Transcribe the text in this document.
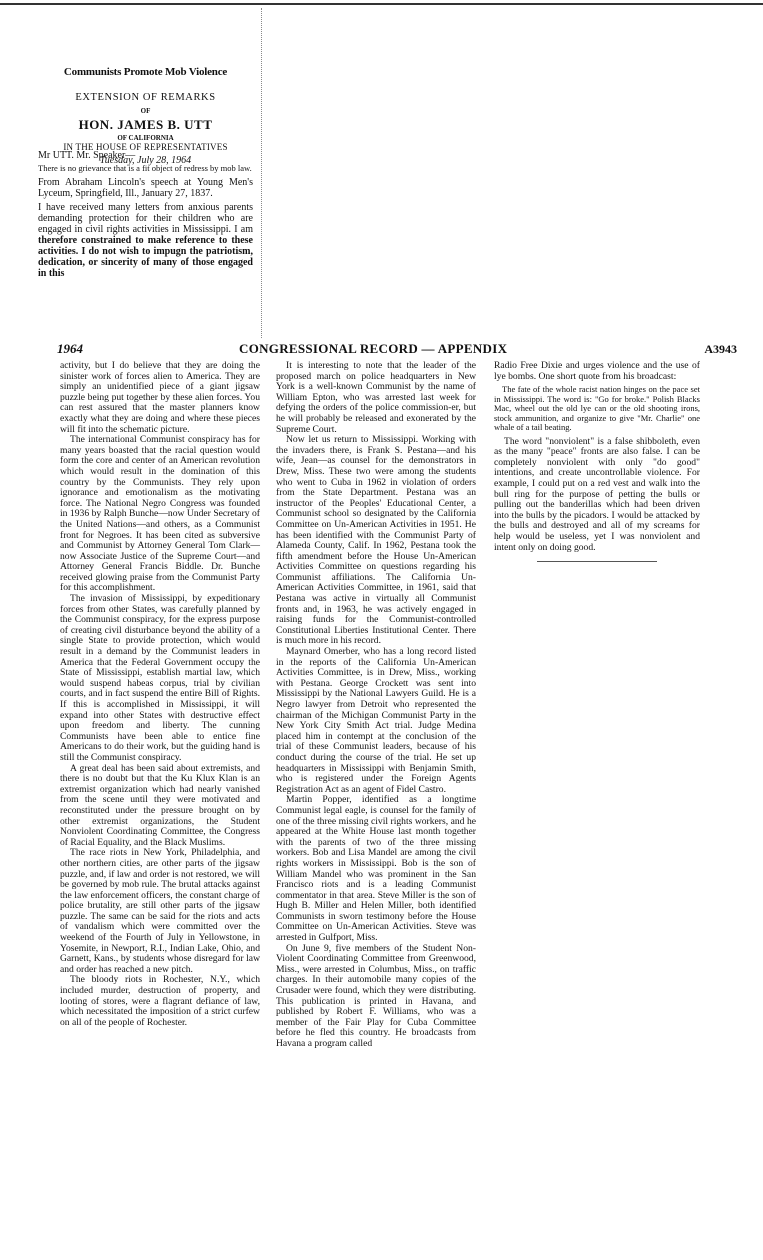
Communists Promote Mob Violence
EXTENSION OF REMARKS
OF
HON. JAMES B. UTT
OF CALIFORNIA
IN THE HOUSE OF REPRESENTATIVES
Tuesday, July 28, 1964

Mr UTT. Mr. Speaker—

There is no grievance that is a fit object of redress by mob law.

From Abraham Lincoln's speech at Young Men's Lyceum, Springfield, Ill., January 27, 1837.

I have received many letters from anxious parents demanding protection for their children who are engaged in civil rights activities in Mississippi. I am therefore constrained to make reference to these activities. I do not wish to impugn the patriotism, dedication, or sincerity of many of those engaged in this

1964	CONGRESSIONAL RECORD — APPENDIX	A3943

activity, but I do believe that they are doing the sinister work of forces alien to America. They are simply an unidentified piece of a giant jigsaw puzzle being put together by these alien forces. You can rest assured that the master planners know exactly what they are doing and where these pieces will fit into the schematic picture.

The international Communist conspiracy has for many years boasted that the racial question would form the core and center of an American revolution which would result in the domination of this country by the Communists. They rely upon ignorance and emotionalism as the motivating force. The National Negro Congress was founded in 1936 by Ralph Bunche—now Under Secretary of the United Nations—and others, as a Communist front for Negroes. It has been cited as subversive and Communist by Attorney General Tom Clark—now Associate Justice of the Supreme Court—and Attorney General Francis Biddle. Dr. Bunche received glowing praise from the Communist Party for this accomplishment.

The invasion of Mississippi, by expeditionary forces from other States, was carefully planned by the Communist conspiracy, for the express purpose of creating civil disturbance beyond the ability of a single State to provide protection, which would result in a demand by the Communist leaders in America that the Federal Government occupy the State of Mississippi, establish martial law, which would suspend habeas corpus, trial by civilian courts, and in fact suspend the entire Bill of Rights. If this is accomplished in Mississippi, it will expand into other States with destructive effect upon freedom and liberty. The cunning Communists have been able to entice fine Americans to do their work, but the guiding hand is still the Communist conspiracy.

A great deal has been said about extremists, and there is no doubt but that the Ku Klux Klan is an extremist organization which had nearly vanished from the scene until they were motivated and reconstituted under the pressure brought on by other extremist organizations, the Student Nonviolent Coordinating Committee, the Congress of Racial Equality, and the Black Muslims.

The race riots in New York, Philadelphia, and other northern cities, are other parts of the jigsaw puzzle, and, if law and order is not restored, we will be governed by mob rule. The brutal attacks against the law enforcement officers, the constant charge of police brutality, are still other parts of the jigsaw puzzle. The same can be said for the riots and acts of vandalism which were committed over the weekend of the Fourth of July in Yellowstone, in Yosemite, in Newport, R.I., Indian Lake, Ohio, and Garnett, Kans., by students whose disregard for law and order has reached a new pitch.

The bloody riots in Rochester, N.Y., which included murder, destruction of property, and looting of stores, were a flagrant defiance of law, which necessitated the imposition of a strict curfew on all of the people of Rochester.

It is interesting to note that the leader of the proposed march on police headquarters in New York is a well-known Communist by the name of William Epton, who was arrested last week for defying the orders of the police commission-er, but he will probably be released and exonerated by the Supreme Court.

Now let us return to Mississippi. Working with the invaders there, is Frank S. Pestana—and his wife, Jean—as counsel for the demonstrators in Drew, Miss. These two were among the students who went to Cuba in 1962 in violation of orders from the State Department. Pestana was an instructor of the Peoples' Educational Center, a Communist school so designated by the California Committee on Un-American Activities in 1951. He has been identified with the Communist Party of Alameda County, Calif. In 1962, Pestana took the fifth amendment before the House Un-American Activities Committee on questions regarding his Communist affiliations. The California Un-American Activities Committee, in 1961, said that Pestana was active in virtually all Communist fronts and, in 1963, he was actively engaged in raising funds for the Communist-controlled Constitutional Liberties Institutional Center. There is much more in his record.

Maynard Omerber, who has a long record listed in the reports of the California Un-American Activities Committee, is in Drew, Miss., working with Pestana. George Crockett was sent into Mississippi by the National Lawyers Guild. He is a Negro lawyer from Detroit who represented the chairman of the Michigan Communist Party in the New York City Smith Act trial. Judge Medina placed him in contempt at the conclusion of the trial of these Communist leaders, because of his conduct during the course of the trial. He set up headquarters in Mississippi with Benjamin Smith, who is registered under the Foreign Agents Registration Act as an agent of Fidel Castro.

Martin Popper, identified as a longtime Communist legal eagle, is counsel for the family of one of the three missing civil rights workers, and he appeared at the White House last month together with the parents of two of the three missing workers. Bob and Lisa Mandel are among the civil rights workers in Mississippi. Bob is the son of William Mandel who was prominent in the San Francisco riots and is a leading Communist commentator in that area. Steve Miller is the son of Hugh B. Miller and Helen Miller, both identified Communists in sworn testimony before the House Committee on Un-American Activities. Steve was arrested in Gulfport, Miss.

On June 9, five members of the Student Non-Violent Coordinating Committee from Greenwood, Miss., were arrested in Columbus, Miss., on traffic charges. In their automobile many copies of the Crusader were found, which they were distributing. This publication is printed in Havana, and published by Robert F. Williams, who was a member of the Fair Play for Cuba Committee before he fled this country. He broadcasts from Havana a program called

Radio Free Dixie and urges violence and the use of lye bombs. One short quote from his broadcast:

The fate of the whole racist nation hinges on the pace set in Mississippi. The word is: "Go for broke." Polish Blacks Mac, wheel out the old lye can or the old shooting irons, stock ammunition, and organize to give "Mr. Charlie" one whale of a tail beating.

The word "nonviolent" is a false shibboleth, even as the many "peace" fronts are also false. I can be completely nonviolent with only "do good" intentions, and create uncontrollable violence. For example, I could put on a red vest and walk into the bull ring for the purpose of petting the bulls or pulling out the banderillas which had been driven into the bulls by the picadors. I would be attacked by the bulls and destroyed and all of my screams for help would be useless, yet I was nonviolent and intent only on doing good.
